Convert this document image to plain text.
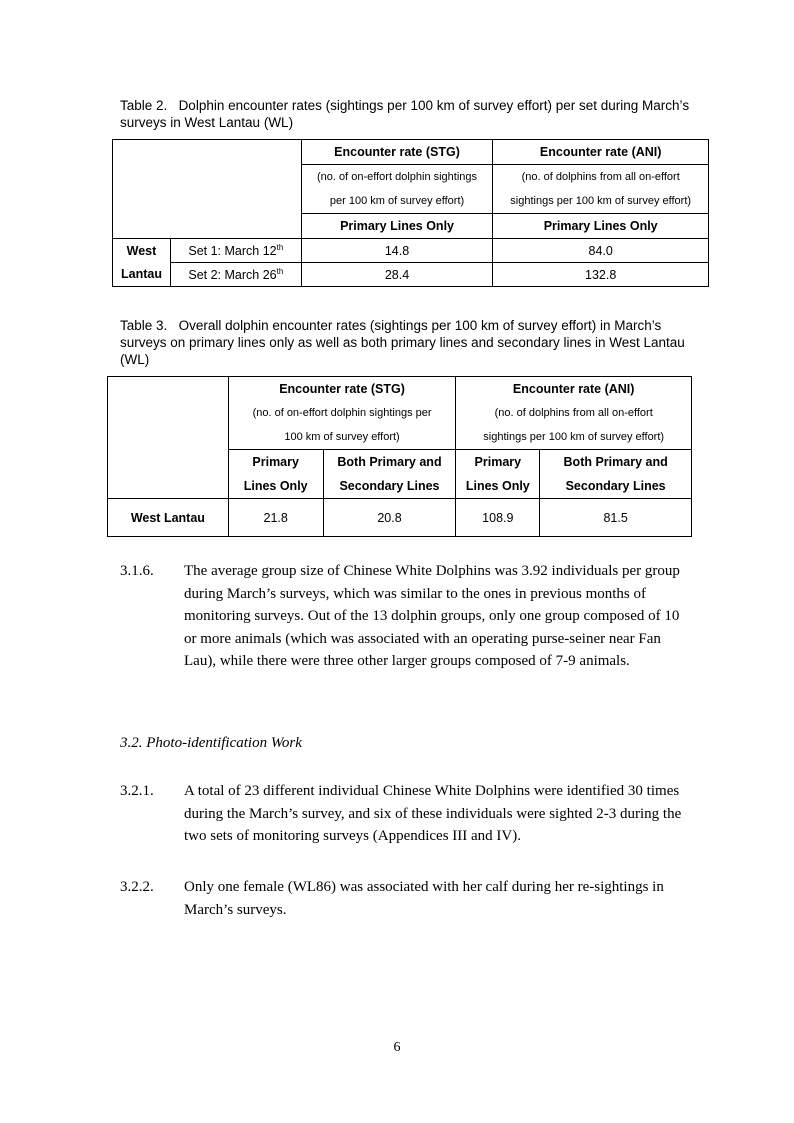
Table 2. Dolphin encounter rates (sightings per 100 km of survey effort) per set during March’s surveys in West Lantau (WL)
		Encounter rate (STG)	Encounter rate (ANI)
		(no. of on-effort dolphin sightings	(no. of dolphins from all on-effort
		per 100 km of survey effort)	sightings per 100 km of survey effort)
		Primary Lines Only	Primary Lines Only
West	Set 1: March 12th	14.8	84.0
Lantau	Set 2: March 26th	28.4	132.8
Table 3. Overall dolphin encounter rates (sightings per 100 km of survey effort) in March’s surveys on primary lines only as well as both primary lines and secondary lines in West Lantau (WL)
	Encounter rate (STG)		Encounter rate (ANI)	
	(no. of on-effort dolphin sightings per		(no. of dolphins from all on-effort	
	100 km of survey effort)		sightings per 100 km of survey effort)	
	Primary	Both Primary and	Primary	Both Primary and
	Lines Only	Secondary Lines	Lines Only	Secondary Lines
West Lantau	21.8	20.8	108.9	81.5
3.1.6. The average group size of Chinese White Dolphins was 3.92 individuals per group during March’s surveys, which was similar to the ones in previous months of monitoring surveys. Out of the 13 dolphin groups, only one group composed of 10 or more animals (which was associated with an operating purse-seiner near Fan Lau), while there were three other larger groups composed of 7-9 animals.
3.2. Photo-identification Work
3.2.1. A total of 23 different individual Chinese White Dolphins were identified 30 times during the March’s survey, and six of these individuals were sighted 2-3 during the two sets of monitoring surveys (Appendices III and IV).
3.2.2. Only one female (WL86) was associated with her calf during her re-sightings in March’s surveys.
6
